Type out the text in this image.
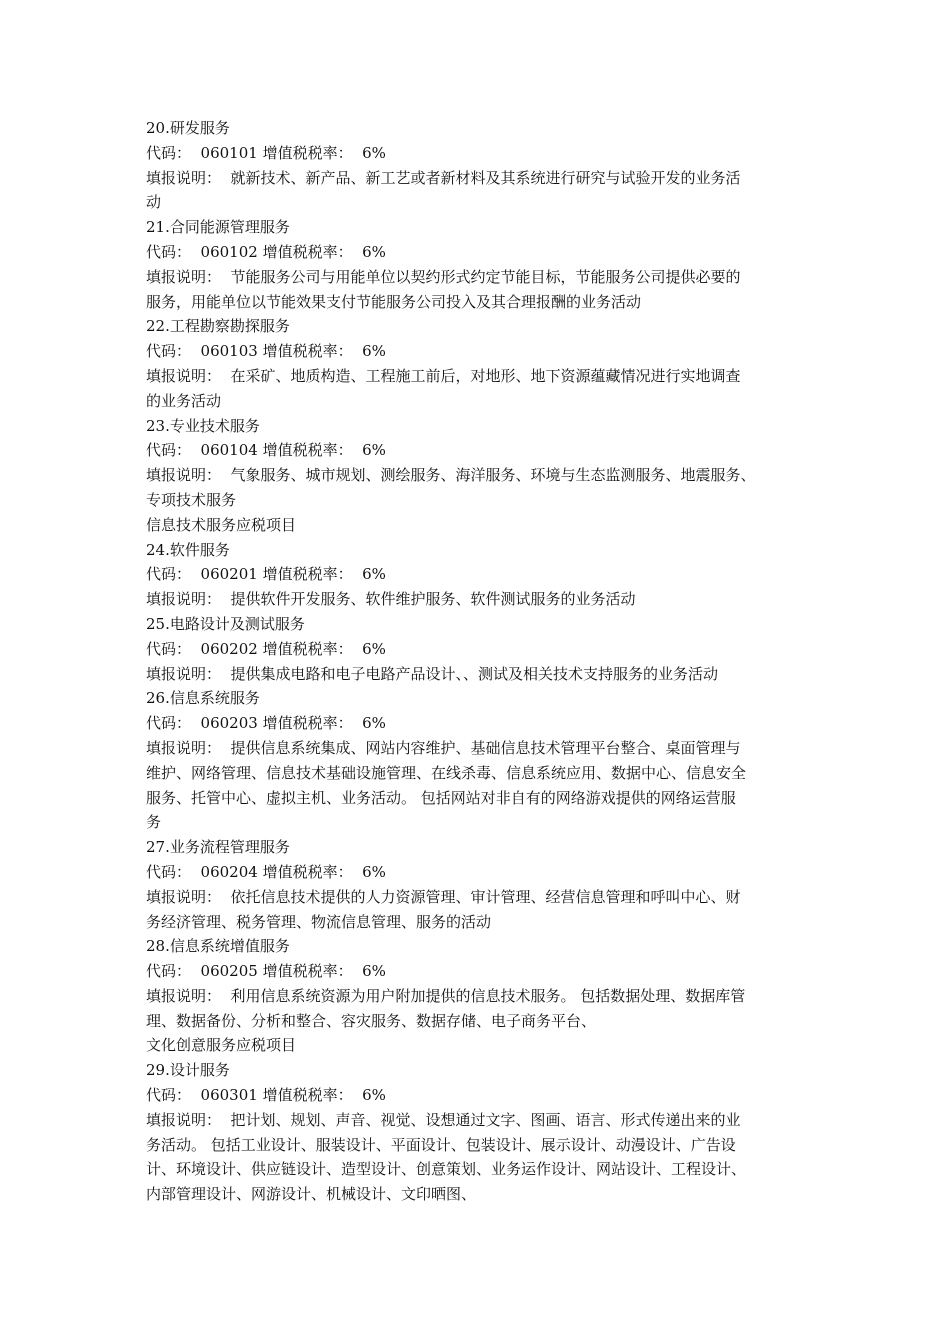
20.研发服务
代码：  060101 增值税税率：  6%
填报说明：  就新技术、新产品、新工艺或者新材料及其系统进行研究与试验开发的业务活
动
21.合同能源管理服务
代码：  060102 增值税税率：  6%
填报说明：  节能服务公司与用能单位以契约形式约定节能目标，节能服务公司提供必要的
服务，用能单位以节能效果支付节能服务公司投入及其合理报酬的业务活动
22.工程勘察勘探服务
代码：  060103 增值税税率：  6%
填报说明：  在采矿、地质构造、工程施工前后，对地形、地下资源蕴藏情况进行实地调查
的业务活动
23.专业技术服务
代码：  060104 增值税税率：  6%
填报说明：  气象服务、城市规划、测绘服务、海洋服务、环境与生态监测服务、地震服务、
专项技术服务
信息技术服务应税项目
24.软件服务
代码：  060201 增值税税率：  6%
填报说明：  提供软件开发服务、软件维护服务、软件测试服务的业务活动
25.电路设计及测试服务
代码：  060202 增值税税率：  6%
填报说明：  提供集成电路和电子电路产品设计、、测试及相关技术支持服务的业务活动
26.信息系统服务
代码：  060203 增值税税率：  6%
填报说明：  提供信息系统集成、网站内容维护、基础信息技术管理平台整合、桌面管理与
维护、网络管理、信息技术基础设施管理、在线杀毒、信息系统应用、数据中心、信息安全
服务、托管中心、虚拟主机、业务活动。 包括网站对非自有的网络游戏提供的网络运营服
务
27.业务流程管理服务
代码：  060204 增值税税率：  6%
填报说明：  依托信息技术提供的人力资源管理、审计管理、经营信息管理和呼叫中心、财
务经济管理、税务管理、物流信息管理、服务的活动
28.信息系统增值服务
代码：  060205 增值税税率：  6%
填报说明：  利用信息系统资源为用户附加提供的信息技术服务。 包括数据处理、数据库管
理、数据备份、分析和整合、容灾服务、数据存储、电子商务平台、
文化创意服务应税项目
29.设计服务
代码：  060301 增值税税率：  6%
填报说明：  把计划、规划、声音、视觉、设想通过文字、图画、语言、形式传递出来的业
务活动。 包括工业设计、服装设计、平面设计、包装设计、展示设计、动漫设计、广告设
计、环境设计、供应链设计、造型设计、创意策划、业务运作设计、网站设计、工程设计、
内部管理设计、网游设计、机械设计、文印晒图、
